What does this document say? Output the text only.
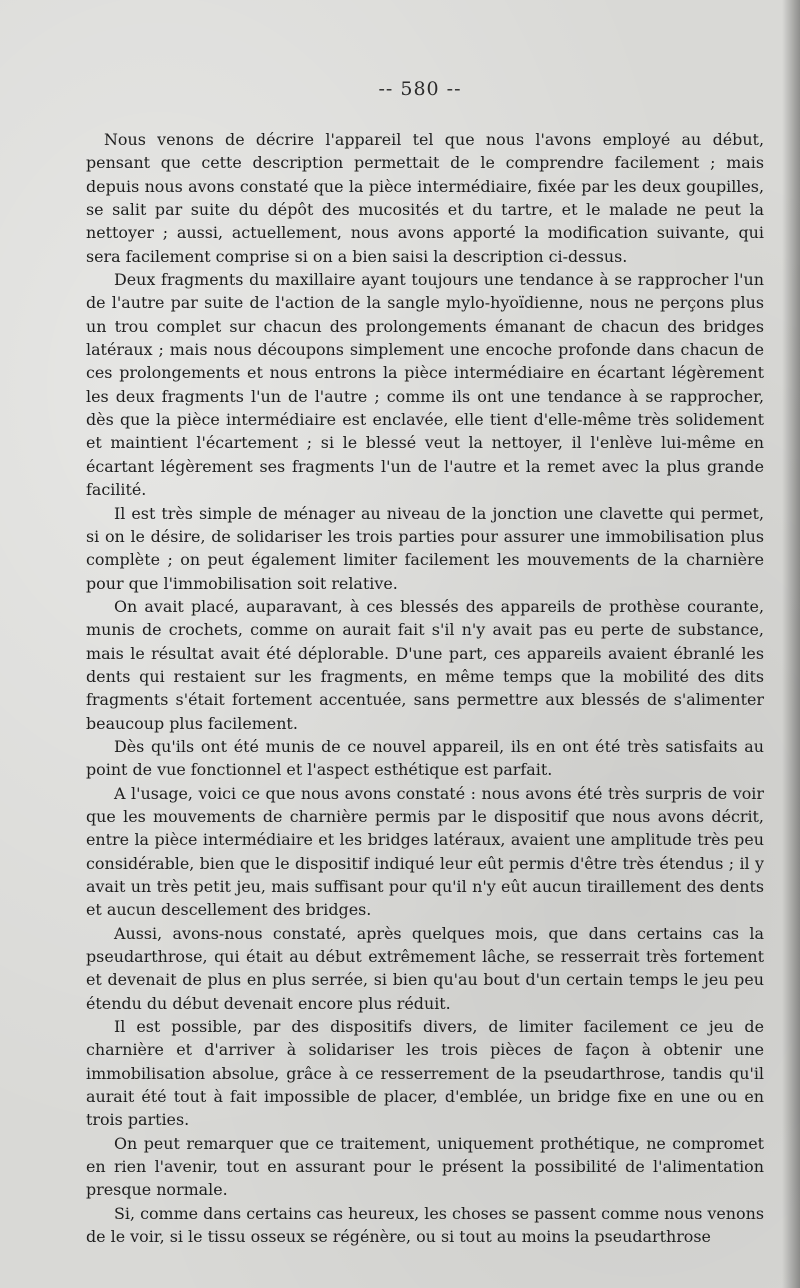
-- 580 --

Nous venons de décrire l'appareil tel que nous l'avons employé au début, pensant que cette description permettait de le comprendre facilement ; mais depuis nous avons constaté que la pièce intermédiaire, fixée par les deux goupilles, se salit par suite du dépôt des mucosités et du tartre, et le malade ne peut la nettoyer ; aussi, actuellement, nous avons apporté la modification suivante, qui sera facilement comprise si on a bien saisi la description ci-dessus.

Deux fragments du maxillaire ayant toujours une tendance à se rapprocher l'un de l'autre par suite de l'action de la sangle mylo-hyoïdienne, nous ne perçons plus un trou complet sur chacun des prolongements émanant de chacun des bridges latéraux ; mais nous découpons simplement une encoche profonde dans chacun de ces prolongements et nous entrons la pièce intermédiaire en écartant légèrement les deux fragments l'un de l'autre ; comme ils ont une tendance à se rapprocher, dès que la pièce intermédiaire est enclavée, elle tient d'elle-même très solidement et maintient l'écartement ; si le blessé veut la nettoyer, il l'enlève lui-même en écartant légèrement ses fragments l'un de l'autre et la remet avec la plus grande facilité.

Il est très simple de ménager au niveau de la jonction une clavette qui permet, si on le désire, de solidariser les trois parties pour assurer une immobilisation plus complète ; on peut également limiter facilement les mouvements de la charnière pour que l'immobilisation soit relative.

On avait placé, auparavant, à ces blessés des appareils de prothèse courante, munis de crochets, comme on aurait fait s'il n'y avait pas eu perte de substance, mais le résultat avait été déplorable. D'une part, ces appareils avaient ébranlé les dents qui restaient sur les fragments, en même temps que la mobilité des dits fragments s'était fortement accentuée, sans permettre aux blessés de s'alimenter beaucoup plus facilement.

Dès qu'ils ont été munis de ce nouvel appareil, ils en ont été très satisfaits au point de vue fonctionnel et l'aspect esthétique est parfait.

A l'usage, voici ce que nous avons constaté : nous avons été très surpris de voir que les mouvements de charnière permis par le dispositif que nous avons décrit, entre la pièce intermédiaire et les bridges latéraux, avaient une amplitude très peu considérable, bien que le dispositif indiqué leur eût permis d'être très étendus ; il y avait un très petit jeu, mais suffisant pour qu'il n'y eût aucun tiraillement des dents et aucun descellement des bridges.

Aussi, avons-nous constaté, après quelques mois, que dans certains cas la pseudarthrose, qui était au début extrêmement lâche, se resserrait très fortement et devenait de plus en plus serrée, si bien qu'au bout d'un certain temps le jeu peu étendu du début devenait encore plus réduit.

Il est possible, par des dispositifs divers, de limiter facilement ce jeu de charnière et d'arriver à solidariser les trois pièces de façon à obtenir une immobilisation absolue, grâce à ce resserrement de la pseudarthrose, tandis qu'il aurait été tout à fait impossible de placer, d'emblée, un bridge fixe en une ou en trois parties.

On peut remarquer que ce traitement, uniquement prothétique, ne compromet en rien l'avenir, tout en assurant pour le présent la possibilité de l'alimentation presque normale.

Si, comme dans certains cas heureux, les choses se passent comme nous venons de le voir, si le tissu osseux se régénère, ou si tout au moins la pseudarthrose
